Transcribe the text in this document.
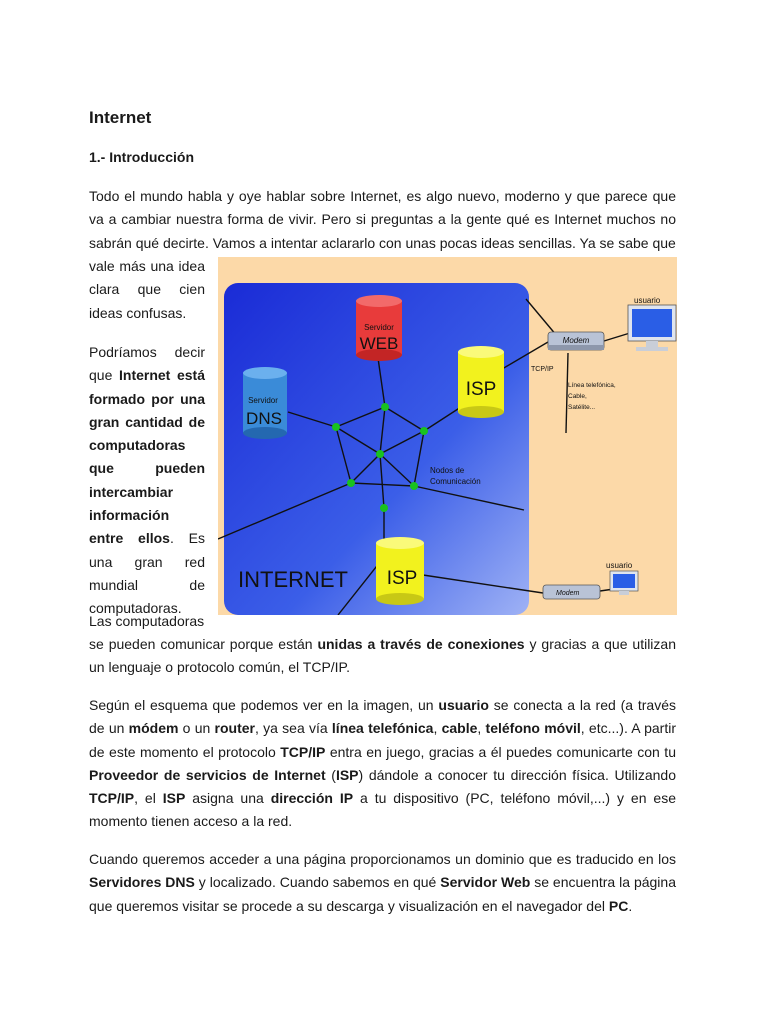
Internet
1.- Introducción

Todo el mundo habla y oye hablar sobre Internet, es algo nuevo, moderno y que parece que va a cambiar nuestra forma de vivir. Pero si preguntas a la gente qué es Internet muchos no sabrán qué decirte. Vamos a intentar aclararlo con unas pocas ideas sencillas. Ya se sabe que

vale más una idea clara que cien ideas confusas.

Podríamos decir que Internet está formado por una gran cantidad de computadoras que pueden intercambiar información entre ellos. Es una gran red mundial de computadoras.

Las computadoras

se pueden comunicar porque están unidas a través de conexiones y gracias a que utilizan un lenguaje o protocolo común, el TCP/IP.

Según el esquema que podemos ver en la imagen, un usuario se conecta a la red (a través de un módem o un router, ya sea vía línea telefónica, cable, teléfono móvil, etc...). A partir de este momento el protocolo TCP/IP entra en juego, gracias a él puedes comunicarte con tu Proveedor de servicios de Internet (ISP) dándole a conocer tu dirección física. Utilizando TCP/IP, el ISP asigna una dirección IP a tu dispositivo (PC, teléfono móvil,...) y en ese momento tienen acceso a la red.

Cuando queremos acceder a una página proporcionamos un dominio que es traducido en los Servidores DNS y localizado. Cuando sabemos en qué Servidor Web se encuentra la página que queremos visitar se procede a su descarga y visualización en el navegador del PC.

Servidor
WEB
Servidor
DNS
ISP
ISP
INTERNET
Nodos de
Comunicación
Modem
TCP/IP
Línea telefónica,
Cable,
Satélite...
usuario
Modem
usuario
